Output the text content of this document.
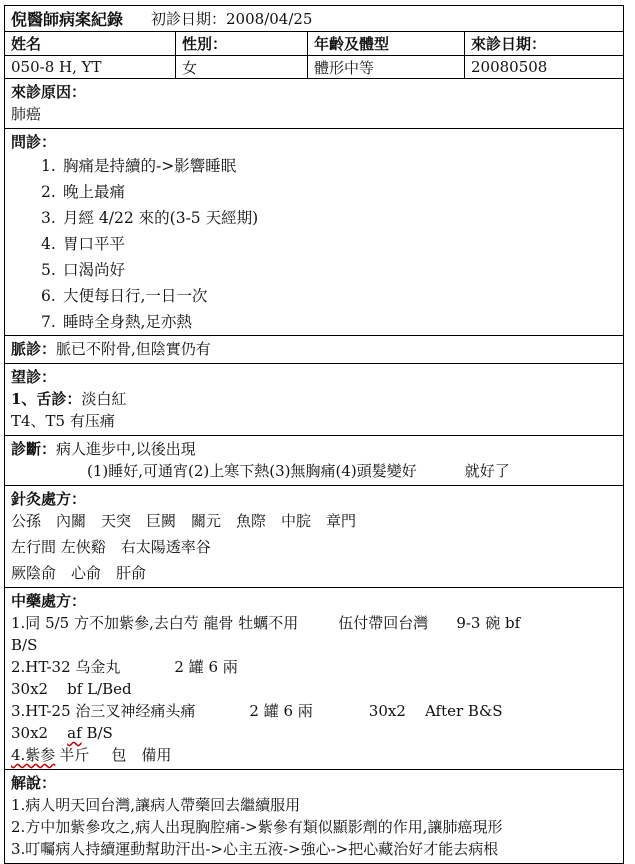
倪醫師病案紀錄 初診日期：2008/04/25
姓名	性別：	年齡及體型	來診日期：
050-8 H, YT	女	體形中等	20080508
來診原因：
肺癌
問診：
1. 胸痛是持續的->影響睡眠
2. 晚上最痛
3. 月經 4/22 來的(3-5 天經期)
4. 胃口平平
5. 口渴尚好
6. 大便每日行,一日一次
7. 睡時全身熱,足亦熱
脈診：脈已不附骨,但陰實仍有
望診：
1、舌診：淡白紅
T4、T5 有压痛
診斷：病人進步中,以後出現
(1)睡好,可通宵(2)上寒下熱(3)無胸痛(4)頭髮變好	就好了
針灸處方：
公孫　內關　天突　巨闕　關元　魚際　中脘　章門
左行間 左俠谿　右太陽透率谷
厥陰俞　心俞　肝俞
中藥處方：
1.同 5/5 方不加紫參,去白芍 龍骨 牡蠣不用	伍付帶回台灣 9-3 碗 bf
B/S
2.HT-32 乌金丸	2 罐 6 兩
30x2    bf L/Bed
3.HT-25 治三叉神经痛头痛	2 罐 6 兩	30x2    After B&S
30x2    af B/S
4.紫参 半斤 包　備用
解說：
1.病人明天回台灣,讓病人帶藥回去繼續服用
2.方中加紫參攻之,病人出現胸腔痛->紫參有類似顯影劑的作用,讓肺癌現形
3.叮囑病人持續運動幫助汗出->心主五液->強心->把心藏治好才能去病根
